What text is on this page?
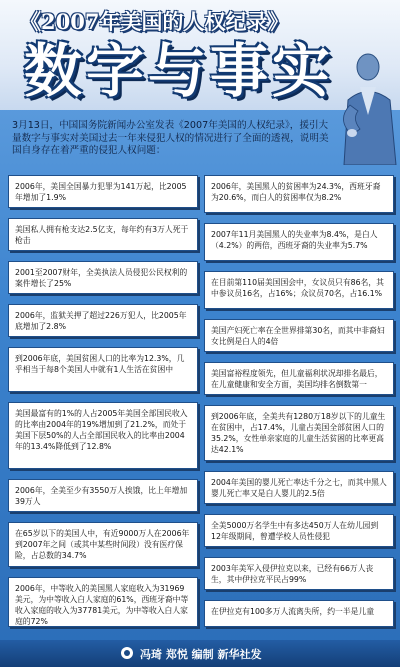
《2007年美国的人权纪录》
数字与事实

3月13日，中国国务院新闻办公室发表《2007年美国的人权纪录》，援引大量数字与事实对美国过去一年来侵犯人权的情况进行了全面的透视，说明美国自身存在着严重的侵犯人权问题：

2006年，美国全国暴力犯罪为141万起，比2005年增加了1.9%
美国私人拥有枪支达2.5亿支，每年约有3万人死于枪击
2001至2007财年，全美执法人员侵犯公民权利的案件增长了25%
2006年，监狱关押了超过226万犯人，比2005年底增加了2.8%
到2006年底，美国贫困人口的比率为12.3%，几乎相当于每8个美国人中就有1人生活在贫困中
美国最富有的1%的人占2005年美国全部国民收入的比率由2004年的19%增加到了21.2%，而处于美国下层50%的人占全部国民收入的比率由2004年的13.4%降低到了12.8%
2006年，全美至少有3550万人挨饿，比上年增加39万人
在65岁以下的美国人中，有近9000万人在2006年到2007年之间（或其中某些时间段）没有医疗保险，占总数的34.7%
2006年，中等收入的美国黑人家庭收入为31969美元，为中等收入白人家庭的61%，西班牙裔中等收入家庭的收入为37781美元，为中等收入白人家庭的72%
2006年，美国黑人的贫困率为24.3%，西班牙裔为20.6%，而白人的贫困率仅为8.2%
2007年11月美国黑人的失业率为8.4%，是白人（4.2%）的两倍，西班牙裔的失业率为5.7%
在目前第110届美国国会中，女议员只有86名，其中参议员16名，占16%；众议员70名，占16.1%
美国产妇死亡率在全世界排第30名，而其中非裔妇女比例是白人的4倍
美国富裕程度领先，但儿童福利状况却排名最后，在儿童健康和安全方面，美国均排名倒数第一
到2006年底，全美共有1280万18岁以下的儿童生在贫困中，占17.4%，儿童占美国全部贫困人口的35.2%，女性单亲家庭的儿童生活贫困的比率更高达42.1%
2004年美国的婴儿死亡率达千分之七，而其中黑人婴儿死亡率又是白人婴儿的2.5倍
全美5000万名学生中有多达450万人在幼儿园到12年级期间，曾遭学校人员性侵犯
2003年美军入侵伊拉克以来，已经有66万人丧生，其中伊拉克平民占99%
在伊拉克有100多万人流离失所，约一半是儿童
冯琦 郑悦 编制 新华社发
